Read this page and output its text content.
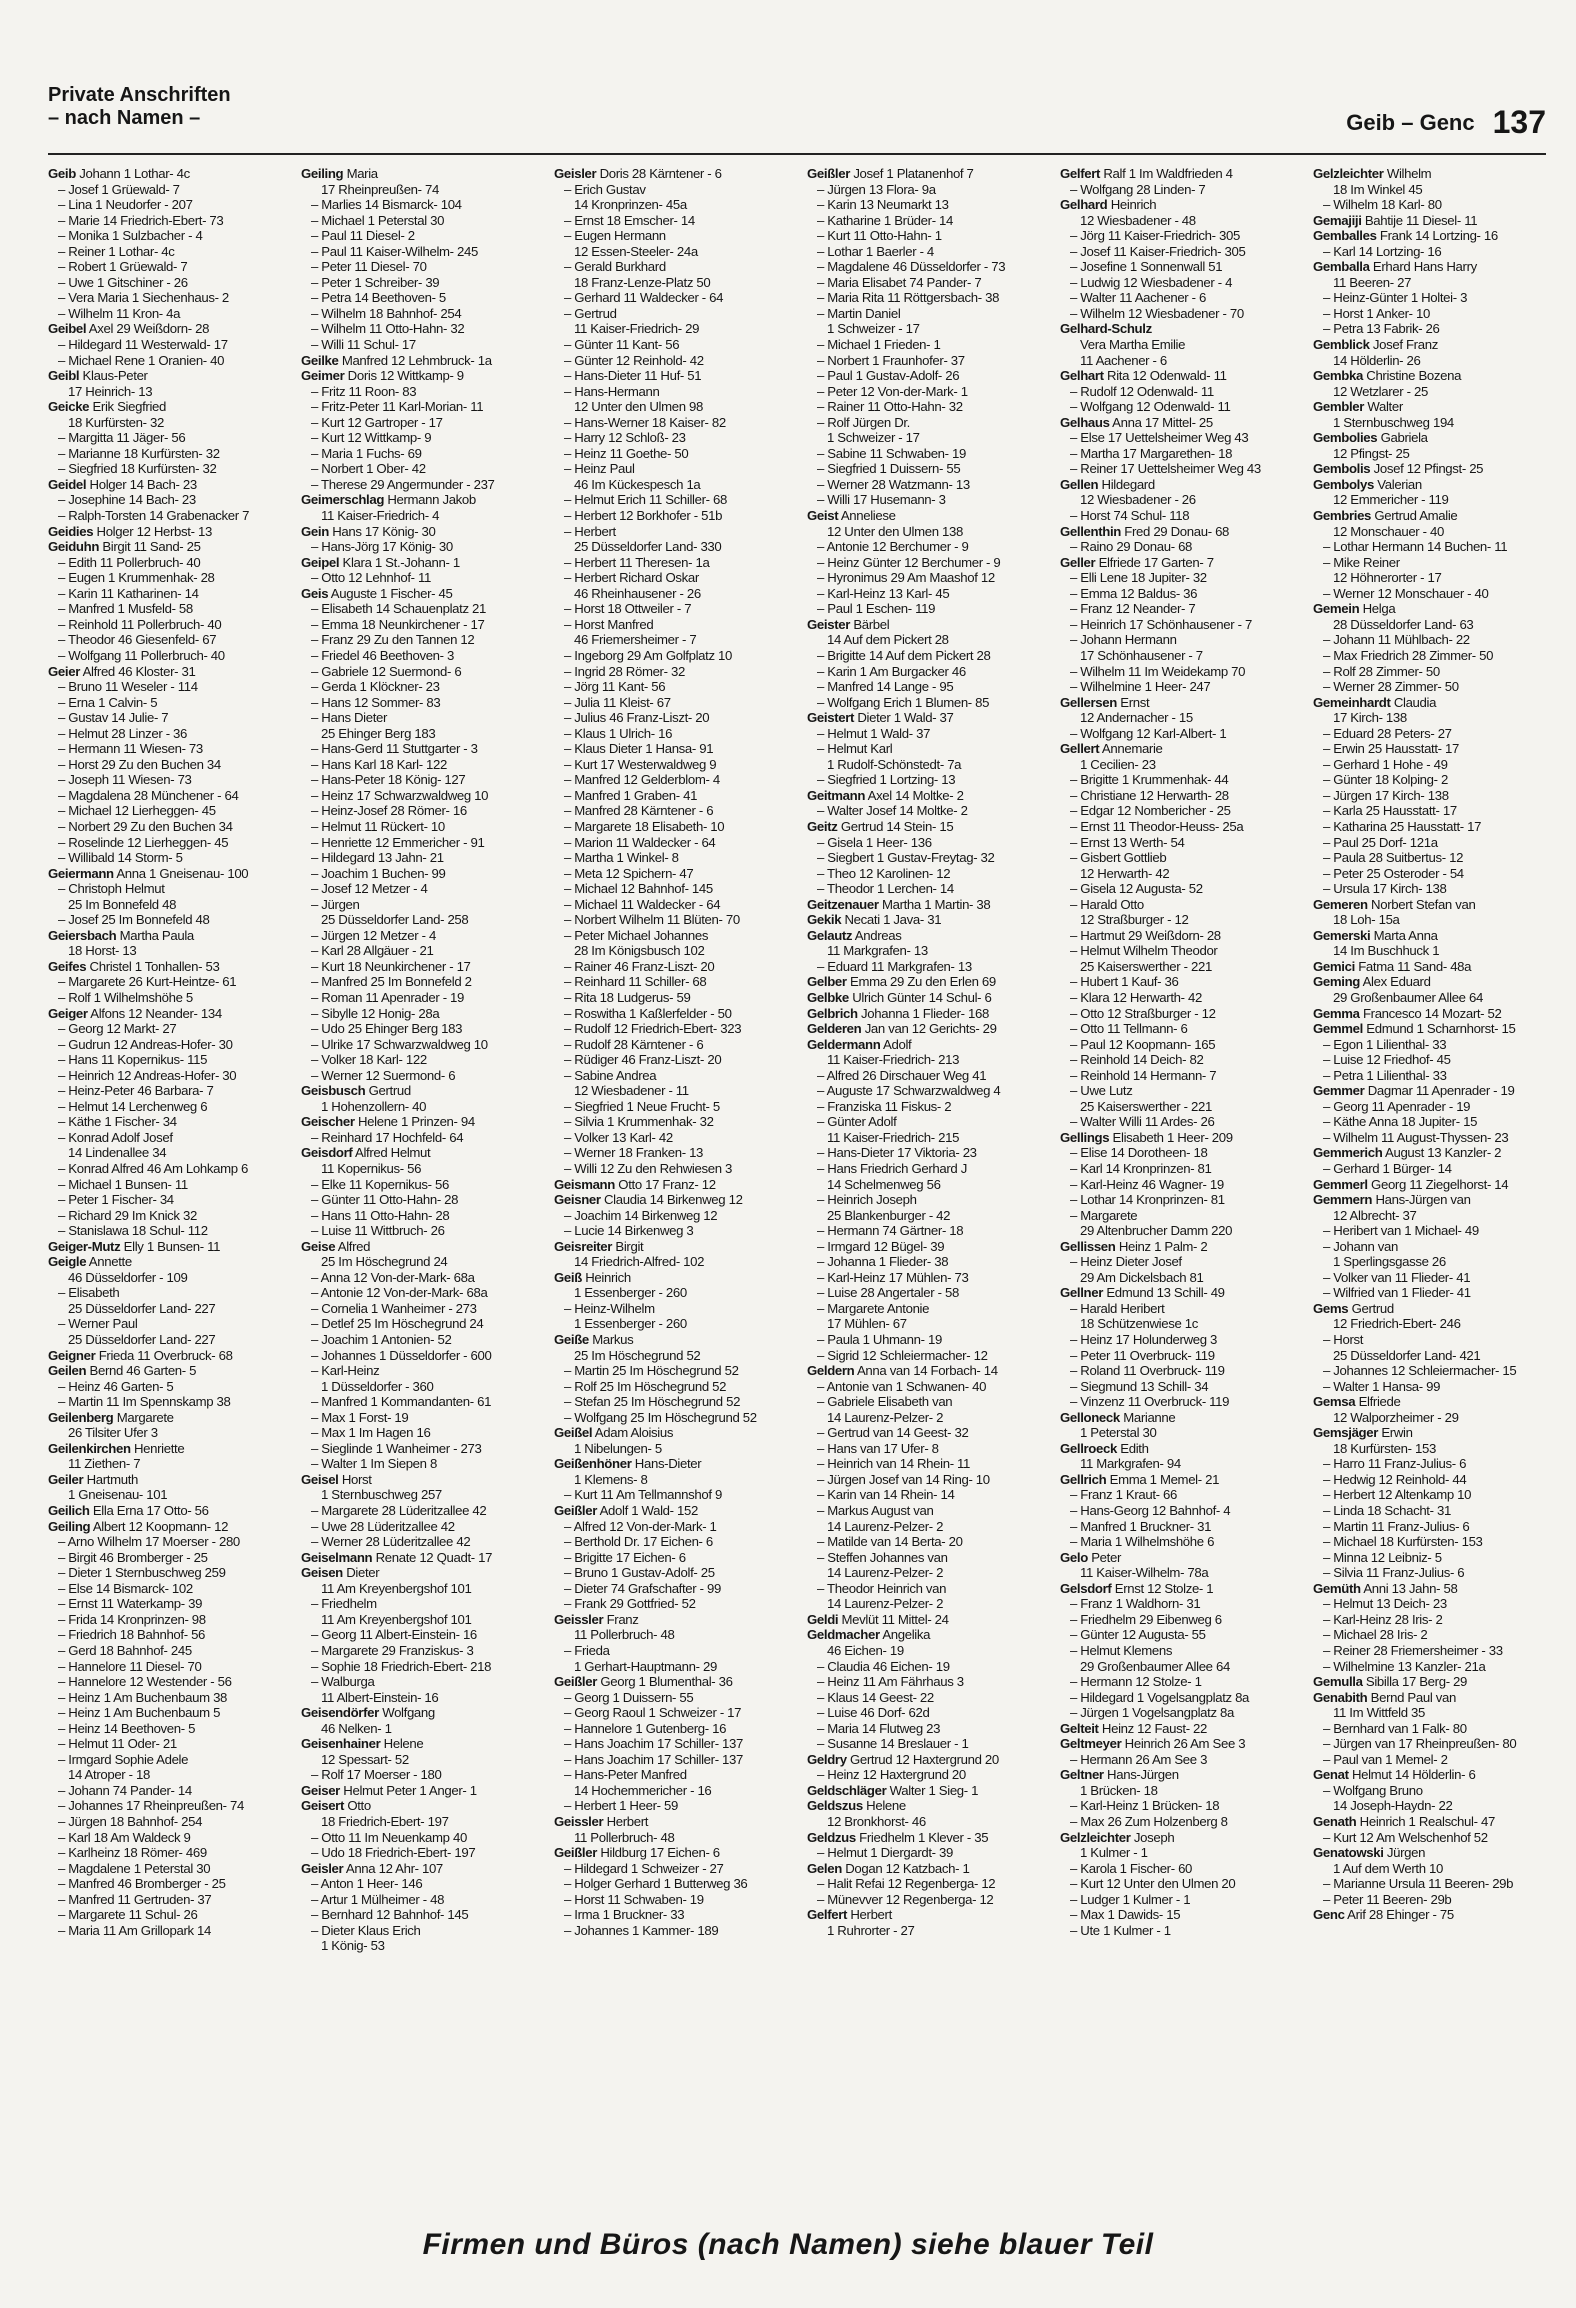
Private Anschriften
– nach Namen –	Geib – Genc 137
Geib Johann 1 Lothar- 4c
– Josef 1 Grüewald- 7
– Lina 1 Neudorfer - 207
– Marie 14 Friedrich-Ebert- 73
– Monika 1 Sulzbacher - 4
– Reiner 1 Lothar- 4c
– Robert 1 Grüewald- 7
– Uwe 1 Gitschiner - 26
– Vera Maria 1 Siechenhaus- 2
– Wilhelm 11 Kron- 4a
Geibel Axel 29 Weißdorn- 28
– Hildegard 11 Westerwald- 17
– Michael Rene 1 Oranien- 40
Geibl Klaus-Peter
17 Heinrich- 13
Geicke Erik Siegfried
18 Kurfürsten- 32
– Margitta 11 Jäger- 56
– Marianne 18 Kurfürsten- 32
– Siegfried 18 Kurfürsten- 32
Geidel Holger 14 Bach- 23
– Josephine 14 Bach- 23
– Ralph-Torsten 14 Grabenacker 7
Geidies Holger 12 Herbst- 13
Geiduhn Birgit 11 Sand- 25
– Edith 11 Pollerbruch- 40
– Eugen 1 Krummenhak- 28
– Karin 11 Katharinen- 14
– Manfred 1 Musfeld- 58
– Reinhold 11 Pollerbruch- 40
– Theodor 46 Giesenfeld- 67
– Wolfgang 11 Pollerbruch- 40
Geier Alfred 46 Kloster- 31
– Bruno 11 Weseler - 114
– Erna 1 Calvin- 5
– Gustav 14 Julie- 7
– Helmut 28 Linzer - 36
– Hermann 11 Wiesen- 73
– Horst 29 Zu den Buchen 34
– Joseph 11 Wiesen- 73
– Magdalena 28 Münchener - 64
– Michael 12 Lierheggen- 45
– Norbert 29 Zu den Buchen 34
– Roselinde 12 Lierheggen- 45
– Willibald 14 Storm- 5
Geiermann Anna 1 Gneisenau- 100
– Christoph Helmut
25 Im Bonnefeld 48
– Josef 25 Im Bonnefeld 48
Geiersbach Martha Paula
18 Horst- 13
Geifes Christel 1 Tonhallen- 53
– Margarete 26 Kurt-Heintze- 61
– Rolf 1 Wilhelmshöhe 5
Geiger Alfons 12 Neander- 134
– Georg 12 Markt- 27
– Gudrun 12 Andreas-Hofer- 30
– Hans 11 Kopernikus- 115
– Heinrich 12 Andreas-Hofer- 30
– Heinz-Peter 46 Barbara- 7
– Helmut 14 Lerchenweg 6
– Käthe 1 Fischer- 34
– Konrad Adolf Josef
14 Lindenallee 34
– Konrad Alfred 46 Am Lohkamp 6
– Michael 1 Bunsen- 11
– Peter 1 Fischer- 34
– Richard 29 Im Knick 32
– Stanislawa 18 Schul- 112
Geiger-Mutz Elly 1 Bunsen- 11
Geigle Annette
46 Düsseldorfer - 109
– Elisabeth
25 Düsseldorfer Land- 227
– Werner Paul
25 Düsseldorfer Land- 227
Geigner Frieda 11 Overbruck- 68
Geilen Bernd 46 Garten- 5
– Heinz 46 Garten- 5
– Martin 11 Im Spennskamp 38
Geilenberg Margarete
26 Tilsiter Ufer 3
Geilenkirchen Henriette
11 Ziethen- 7
Geiler Hartmuth
1 Gneisenau- 101
Geilich Ella Erna 17 Otto- 56
Geiling Albert 12 Koopmann- 12
– Arno Wilhelm 17 Moerser - 280
– Birgit 46 Bromberger - 25
– Dieter 1 Sternbuschweg 259
– Else 14 Bismarck- 102
– Ernst 11 Waterkamp- 39
– Frida 14 Kronprinzen- 98
– Friedrich 18 Bahnhof- 56
– Gerd 18 Bahnhof- 245
– Hannelore 11 Diesel- 70
– Hannelore 12 Westender - 56
– Heinz 1 Am Buchenbaum 38
– Heinz 1 Am Buchenbaum 5
– Heinz 14 Beethoven- 5
– Helmut 11 Oder- 21
– Irmgard Sophie Adele
14 Atroper - 18
– Johann 74 Pander- 14
– Johannes 17 Rheinpreußen- 74
– Jürgen 18 Bahnhof- 254
– Karl 18 Am Waldeck 9
– Karlheinz 18 Römer- 469
– Magdalene 1 Peterstal 30
– Manfred 46 Bromberger - 25
– Manfred 11 Gertruden- 37
– Margarete 11 Schul- 26
– Maria 11 Am Grillopark 14
Geiling Maria
17 Rheinpreußen- 74
– Marlies 14 Bismarck- 104
– Michael 1 Peterstal 30
– Paul 11 Diesel- 2
– Paul 11 Kaiser-Wilhelm- 245
– Peter 11 Diesel- 70
– Peter 1 Schreiber- 39
– Petra 14 Beethoven- 5
– Wilhelm 18 Bahnhof- 254
– Wilhelm 11 Otto-Hahn- 32
– Willi 11 Schul- 17
Geilke Manfred 12 Lehmbruck- 1a
Geimer Doris 12 Wittkamp- 9
– Fritz 11 Roon- 83
– Fritz-Peter 11 Karl-Morian- 11
– Kurt 12 Gartroper - 17
– Kurt 12 Wittkamp- 9
– Maria 1 Fuchs- 69
– Norbert 1 Ober- 42
– Therese 29 Angermunder - 237
Geimerschlag Hermann Jakob
11 Kaiser-Friedrich- 4
Gein Hans 17 König- 30
– Hans-Jörg 17 König- 30
Geipel Klara 1 St.-Johann- 1
– Otto 12 Lehnhof- 11
Geis Auguste 1 Fischer- 45
– Elisabeth 14 Schauenplatz 21
– Emma 18 Neunkirchener - 17
– Franz 29 Zu den Tannen 12
– Friedel 46 Beethoven- 3
– Gabriele 12 Suermond- 6
– Gerda 1 Klöckner- 23
– Hans 12 Sommer- 83
– Hans Dieter
25 Ehinger Berg 183
– Hans-Gerd 11 Stuttgarter - 3
– Hans Karl 18 Karl- 122
– Hans-Peter 18 König- 127
– Heinz 17 Schwarzwaldweg 10
– Heinz-Josef 28 Römer- 16
– Helmut 11 Rückert- 10
– Henriette 12 Emmericher - 91
– Hildegard 13 Jahn- 21
– Joachim 1 Buchen- 99
– Josef 12 Metzer - 4
– Jürgen
25 Düsseldorfer Land- 258
– Jürgen 12 Metzer - 4
– Karl 28 Allgäuer - 21
– Kurt 18 Neunkirchener - 17
– Manfred 25 Im Bonnefeld 2
– Roman 11 Apenrader - 19
– Sibylle 12 Honig- 28a
– Udo 25 Ehinger Berg 183
– Ulrike 17 Schwarzwaldweg 10
– Volker 18 Karl- 122
– Werner 12 Suermond- 6
Geisbusch Gertrud
1 Hohenzollern- 40
Geischer Helene 1 Prinzen- 94
– Reinhard 17 Hochfeld- 64
Geisdorf Alfred Helmut
11 Kopernikus- 56
– Elke 11 Kopernikus- 56
– Günter 11 Otto-Hahn- 28
– Hans 11 Otto-Hahn- 28
– Luise 11 Wittbruch- 26
Geise Alfred
25 Im Höschegrund 24
– Anna 12 Von-der-Mark- 68a
– Antonie 12 Von-der-Mark- 68a
– Cornelia 1 Wanheimer - 273
– Detlef 25 Im Höschegrund 24
– Joachim 1 Antonien- 52
– Johannes 1 Düsseldorfer - 600
– Karl-Heinz
1 Düsseldorfer - 360
– Manfred 1 Kommandanten- 61
– Max 1 Forst- 19
– Max 1 Im Hagen 16
– Sieglinde 1 Wanheimer - 273
– Walter 1 Im Siepen 8
Geisel Horst
1 Sternbuschweg 257
– Margarete 28 Lüderitzallee 42
– Uwe 28 Lüderitzallee 42
– Werner 28 Lüderitzallee 42
Geiselmann Renate 12 Quadt- 17
Geisen Dieter
11 Am Kreyenbergshof 101
– Friedhelm
11 Am Kreyenbergshof 101
– Georg 11 Albert-Einstein- 16
– Margarete 29 Franziskus- 3
– Sophie 18 Friedrich-Ebert- 218
– Walburga
11 Albert-Einstein- 16
Geisendörfer Wolfgang
46 Nelken- 1
Geisenhainer Helene
12 Spessart- 52
– Rolf 17 Moerser - 180
Geiser Helmut Peter 1 Anger- 1
Geisert Otto
18 Friedrich-Ebert- 197
– Otto 11 Im Neuenkamp 40
– Udo 18 Friedrich-Ebert- 197
Geisler Anna 12 Ahr- 107
– Anton 1 Heer- 146
– Artur 1 Mülheimer - 48
– Bernhard 12 Bahnhof- 145
– Dieter Klaus Erich
1 König- 53
Geisler Doris 28 Kärntener - 6
– Erich Gustav
14 Kronprinzen- 45a
– Ernst 18 Emscher- 14
– Eugen Hermann
12 Essen-Steeler- 24a
– Gerald Burkhard
18 Franz-Lenze-Platz 50
– Gerhard 11 Waldecker - 64
– Gertrud
11 Kaiser-Friedrich- 29
– Günter 11 Kant- 56
– Günter 12 Reinhold- 42
– Hans-Dieter 11 Huf- 51
– Hans-Hermann
12 Unter den Ulmen 98
– Hans-Werner 18 Kaiser- 82
– Harry 12 Schloß- 23
– Heinz 11 Goethe- 50
– Heinz Paul
46 Im Kückespesch 1a
– Helmut Erich 11 Schiller- 68
– Herbert 12 Borkhofer - 51b
– Herbert
25 Düsseldorfer Land- 330
– Herbert 11 Theresen- 1a
– Herbert Richard Oskar
46 Rheinhausener - 26
– Horst 18 Ottweiler - 7
– Horst Manfred
46 Friemersheimer - 7
– Ingeborg 29 Am Golfplatz 10
– Ingrid 28 Römer- 32
– Jörg 11 Kant- 56
– Julia 11 Kleist- 67
– Julius 46 Franz-Liszt- 20
– Klaus 1 Ulrich- 16
– Klaus Dieter 1 Hansa- 91
– Kurt 17 Westerwaldweg 9
– Manfred 12 Gelderblom- 4
– Manfred 1 Graben- 41
– Manfred 28 Kärntener - 6
– Margarete 18 Elisabeth- 10
– Marion 11 Waldecker - 64
– Martha 1 Winkel- 8
– Meta 12 Spichern- 47
– Michael 12 Bahnhof- 145
– Michael 11 Waldecker - 64
– Norbert Wilhelm 11 Blüten- 70
– Peter Michael Johannes
28 Im Königsbusch 102
– Rainer 46 Franz-Liszt- 20
– Reinhard 11 Schiller- 68
– Rita 18 Ludgerus- 59
– Roswitha 1 Kaßlerfelder - 50
– Rudolf 12 Friedrich-Ebert- 323
– Rudolf 28 Kärntener - 6
– Rüdiger 46 Franz-Liszt- 20
– Sabine Andrea
12 Wiesbadener - 11
– Siegfried 1 Neue Frucht- 5
– Silvia 1 Krummenhak- 32
– Volker 13 Karl- 42
– Werner 18 Franken- 13
– Willi 12 Zu den Rehwiesen 3
Geismann Otto 17 Franz- 12
Geisner Claudia 14 Birkenweg 12
– Joachim 14 Birkenweg 12
– Lucie 14 Birkenweg 3
Geisreiter Birgit
14 Friedrich-Alfred- 102
Geiß Heinrich
1 Essenberger - 260
– Heinz-Wilhelm
1 Essenberger - 260
Geiße Markus
25 Im Höschegrund 52
– Martin 25 Im Höschegrund 52
– Rolf 25 Im Höschegrund 52
– Stefan 25 Im Höschegrund 52
– Wolfgang 25 Im Höschegrund 52
Geißel Adam Aloisius
1 Nibelungen- 5
Geißenhöner Hans-Dieter
1 Klemens- 8
– Kurt 11 Am Tellmannshof 9
Geißler Adolf 1 Wald- 152
– Alfred 12 Von-der-Mark- 1
– Berthold Dr. 17 Eichen- 6
– Brigitte 17 Eichen- 6
– Bruno 1 Gustav-Adolf- 25
– Dieter 74 Grafschafter - 99
– Frank 29 Gottfried- 52
Geissler Franz
11 Pollerbruch- 48
– Frieda
1 Gerhart-Hauptmann- 29
Geißler Georg 1 Blumenthal- 36
– Georg 1 Duissern- 55
– Georg Raoul 1 Schweizer - 17
– Hannelore 1 Gutenberg- 16
– Hans Joachim 17 Schiller- 137
– Hans Joachim 17 Schiller- 137
– Hans-Peter Manfred
14 Hochemmericher - 16
– Herbert 1 Heer- 59
Geissler Herbert
11 Pollerbruch- 48
Geißler Hildburg 17 Eichen- 6
– Hildegard 1 Schweizer - 27
– Holger Gerhard 1 Butterweg 36
– Horst 11 Schwaben- 19
– Irma 1 Bruckner- 33
– Johannes 1 Kammer- 189
Geißler Josef 1 Platanenhof 7
– Jürgen 13 Flora- 9a
– Karin 13 Neumarkt 13
– Katharine 1 Brüder- 14
– Kurt 11 Otto-Hahn- 1
– Lothar 1 Baerler - 4
– Magdalene 46 Düsseldorfer - 73
– Maria Elisabet 74 Pander- 7
– Maria Rita 11 Röttgersbach- 38
– Martin Daniel
1 Schweizer - 17
– Michael 1 Frieden- 1
– Norbert 1 Fraunhofer- 37
– Paul 1 Gustav-Adolf- 26
– Peter 12 Von-der-Mark- 1
– Rainer 11 Otto-Hahn- 32
– Rolf Jürgen Dr.
1 Schweizer - 17
– Sabine 11 Schwaben- 19
– Siegfried 1 Duissern- 55
– Werner 28 Watzmann- 13
– Willi 17 Husemann- 3
Geist Anneliese
12 Unter den Ulmen 138
– Antonie 12 Berchumer - 9
– Heinz Günter 12 Berchumer - 9
– Hyronimus 29 Am Maashof 12
– Karl-Heinz 13 Karl- 45
– Paul 1 Eschen- 119
Geister Bärbel
14 Auf dem Pickert 28
– Brigitte 14 Auf dem Pickert 28
– Karin 1 Am Burgacker 46
– Manfred 14 Lange - 95
– Wolfgang Erich 1 Blumen- 85
Geistert Dieter 1 Wald- 37
– Helmut 1 Wald- 37
– Helmut Karl
1 Rudolf-Schönstedt- 7a
– Siegfried 1 Lortzing- 13
Geitmann Axel 14 Moltke- 2
– Walter Josef 14 Moltke- 2
Geitz Gertrud 14 Stein- 15
– Gisela 1 Heer- 136
– Siegbert 1 Gustav-Freytag- 32
– Theo 12 Karolinen- 12
– Theodor 1 Lerchen- 14
Geitzenauer Martha 1 Martin- 38
Gekik Necati 1 Java- 31
Gelautz Andreas
11 Markgrafen- 13
– Eduard 11 Markgrafen- 13
Gelber Emma 29 Zu den Erlen 69
Gelbke Ulrich Günter 14 Schul- 6
Gelbrich Johanna 1 Flieder- 168
Gelderen Jan van 12 Gerichts- 29
Geldermann Adolf
11 Kaiser-Friedrich- 213
– Alfred 26 Dirschauer Weg 41
– Auguste 17 Schwarzwaldweg 4
– Franziska 11 Fiskus- 2
– Günter Adolf
11 Kaiser-Friedrich- 215
– Hans-Dieter 17 Viktoria- 23
– Hans Friedrich Gerhard J
14 Schelmenweg 56
– Heinrich Joseph
25 Blankenburger - 42
– Hermann 74 Gärtner- 18
– Irmgard 12 Bügel- 39
– Johanna 1 Flieder- 38
– Karl-Heinz 17 Mühlen- 73
– Luise 28 Angertaler - 58
– Margarete Antonie
17 Mühlen- 67
– Paula 1 Uhmann- 19
– Sigrid 12 Schleiermacher- 12
Geldern Anna van 14 Forbach- 14
– Antonie van 1 Schwanen- 40
– Gabriele Elisabeth van
14 Laurenz-Pelzer- 2
– Gertrud van 14 Geest- 32
– Hans van 17 Ufer- 8
– Heinrich van 14 Rhein- 11
– Jürgen Josef van 14 Ring- 10
– Karin van 14 Rhein- 14
– Markus August van
14 Laurenz-Pelzer- 2
– Matilde van 14 Berta- 20
– Steffen Johannes van
14 Laurenz-Pelzer- 2
– Theodor Heinrich van
14 Laurenz-Pelzer- 2
Geldi Mevlüt 11 Mittel- 24
Geldmacher Angelika
46 Eichen- 19
– Claudia 46 Eichen- 19
– Heinz 11 Am Fährhaus 3
– Klaus 14 Geest- 22
– Luise 46 Dorf- 62d
– Maria 14 Flutweg 23
– Susanne 14 Breslauer - 1
Geldry Gertrud 12 Haxtergrund 20
– Heinz 12 Haxtergrund 20
Geldschläger Walter 1 Sieg- 1
Geldszus Helene
12 Bronkhorst- 46
Geldzus Friedhelm 1 Klever - 35
– Helmut 1 Diergardt- 39
Gelen Dogan 12 Katzbach- 1
– Halit Refai 12 Regenberga- 12
– Münevver 12 Regenberga- 12
Gelfert Herbert
1 Ruhrorter - 27
Gelfert Ralf 1 Im Waldfrieden 4
– Wolfgang 28 Linden- 7
Gelhard Heinrich
12 Wiesbadener - 48
– Jörg 11 Kaiser-Friedrich- 305
– Josef 11 Kaiser-Friedrich- 305
– Josefine 1 Sonnenwall 51
– Ludwig 12 Wiesbadener - 4
– Walter 11 Aachener - 6
– Wilhelm 12 Wiesbadener - 70
Gelhard-Schulz
Vera Martha Emilie
11 Aachener - 6
Gelhart Rita 12 Odenwald- 11
– Rudolf 12 Odenwald- 11
– Wolfgang 12 Odenwald- 11
Gelhaus Anna 17 Mittel- 25
– Else 17 Uettelsheimer Weg 43
– Martha 17 Margarethen- 18
– Reiner 17 Uettelsheimer Weg 43
Gellen Hildegard
12 Wiesbadener - 26
– Horst 74 Schul- 118
Gellenthin Fred 29 Donau- 68
– Raino 29 Donau- 68
Geller Elfriede 17 Garten- 7
– Elli Lene 18 Jupiter- 32
– Emma 12 Baldus- 36
– Franz 12 Neander- 7
– Heinrich 17 Schönhausener - 7
– Johann Hermann
17 Schönhausener - 7
– Wilhelm 11 Im Weidekamp 70
– Wilhelmine 1 Heer- 247
Gellersen Ernst
12 Andernacher - 15
– Wolfgang 12 Karl-Albert- 1
Gellert Annemarie
1 Cecilien- 23
– Brigitte 1 Krummenhak- 44
– Christiane 12 Herwarth- 28
– Edgar 12 Nombericher - 25
– Ernst 11 Theodor-Heuss- 25a
– Ernst 13 Werth- 54
– Gisbert Gottlieb
12 Herwarth- 42
– Gisela 12 Augusta- 52
– Harald Otto
12 Straßburger - 12
– Hartmut 29 Weißdorn- 28
– Helmut Wilhelm Theodor
25 Kaiserswerther - 221
– Hubert 1 Kauf- 36
– Klara 12 Herwarth- 42
– Otto 12 Straßburger - 12
– Otto 11 Tellmann- 6
– Paul 12 Koopmann- 165
– Reinhold 14 Deich- 82
– Reinhold 14 Hermann- 7
– Uwe Lutz
25 Kaiserswerther - 221
– Walter Willi 11 Ardes- 26
Gellings Elisabeth 1 Heer- 209
– Elise 14 Dorotheen- 18
– Karl 14 Kronprinzen- 81
– Karl-Heinz 46 Wagner- 19
– Lothar 14 Kronprinzen- 81
– Margarete
29 Altenbrucher Damm 220
Gellissen Heinz 1 Palm- 2
– Heinz Dieter Josef
29 Am Dickelsbach 81
Gellner Edmund 13 Schill- 49
– Harald Heribert
18 Schützenwiese 1c
– Heinz 17 Holunderweg 3
– Peter 11 Overbruck- 119
– Roland 11 Overbruck- 119
– Siegmund 13 Schill- 34
– Vinzenz 11 Overbruck- 119
Gelloneck Marianne
1 Peterstal 30
Gellroeck Edith
11 Markgrafen- 94
Gellrich Emma 1 Memel- 21
– Franz 1 Kraut- 66
– Hans-Georg 12 Bahnhof- 4
– Manfred 1 Bruckner- 31
– Maria 1 Wilhelmshöhe 6
Gelo Peter
11 Kaiser-Wilhelm- 78a
Gelsdorf Ernst 12 Stolze- 1
– Franz 1 Waldhorn- 31
– Friedhelm 29 Eibenweg 6
– Günter 12 Augusta- 55
– Helmut Klemens
29 Großenbaumer Allee 64
– Hermann 12 Stolze- 1
– Hildegard 1 Vogelsangplatz 8a
– Jürgen 1 Vogelsangplatz 8a
Gelteit Heinz 12 Faust- 22
Geltmeyer Heinrich 26 Am See 3
– Hermann 26 Am See 3
Geltner Hans-Jürgen
1 Brücken- 18
– Karl-Heinz 1 Brücken- 18
– Max 26 Zum Holzenberg 8
Gelzleichter Joseph
1 Kulmer - 1
– Karola 1 Fischer- 60
– Kurt 12 Unter den Ulmen 20
– Ludger 1 Kulmer - 1
– Max 1 Dawids- 15
– Ute 1 Kulmer - 1
Gelzleichter Wilhelm
18 Im Winkel 45
– Wilhelm 18 Karl- 80
Gemajiji Bahtije 11 Diesel- 11
Gemballes Frank 14 Lortzing- 16
– Karl 14 Lortzing- 16
Gemballa Erhard Hans Harry
11 Beeren- 27
– Heinz-Günter 1 Holtei- 3
– Horst 1 Anker- 10
– Petra 13 Fabrik- 26
Gemblick Josef Franz
14 Hölderlin- 26
Gembka Christine Bozena
12 Wetzlarer - 25
Gembler Walter
1 Sternbuschweg 194
Gembolies Gabriela
12 Pfingst- 25
Gembolis Josef 12 Pfingst- 25
Gembolys Valerian
12 Emmericher - 119
Gembries Gertrud Amalie
12 Monschauer - 40
– Lothar Hermann 14 Buchen- 11
– Mike Reiner
12 Höhnerorter - 17
– Werner 12 Monschauer - 40
Gemein Helga
28 Düsseldorfer Land- 63
– Johann 11 Mühlbach- 22
– Max Friedrich 28 Zimmer- 50
– Rolf 28 Zimmer- 50
– Werner 28 Zimmer- 50
Gemeinhardt Claudia
17 Kirch- 138
– Eduard 28 Peters- 27
– Erwin 25 Hausstatt- 17
– Gerhard 1 Hohe - 49
– Günter 18 Kolping- 2
– Jürgen 17 Kirch- 138
– Karla 25 Hausstatt- 17
– Katharina 25 Hausstatt- 17
– Paul 25 Dorf- 121a
– Paula 28 Suitbertus- 12
– Peter 25 Osteroder - 54
– Ursula 17 Kirch- 138
Gemeren Norbert Stefan van
18 Loh- 15a
Gemerski Marta Anna
14 Im Buschhuck 1
Gemici Fatma 11 Sand- 48a
Geming Alex Eduard
29 Großenbaumer Allee 64
Gemma Francesco 14 Mozart- 52
Gemmel Edmund 1 Scharnhorst- 15
– Egon 1 Lilienthal- 33
– Luise 12 Friedhof- 45
– Petra 1 Lilienthal- 33
Gemmer Dagmar 11 Apenrader - 19
– Georg 11 Apenrader - 19
– Käthe Anna 18 Jupiter- 15
– Wilhelm 11 August-Thyssen- 23
Gemmerich August 13 Kanzler- 2
– Gerhard 1 Bürger- 14
Gemmerl Georg 11 Ziegelhorst- 14
Gemmern Hans-Jürgen van
12 Albrecht- 37
– Heribert van 1 Michael- 49
– Johann van
1 Sperlingsgasse 26
– Volker van 11 Flieder- 41
– Wilfried van 1 Flieder- 41
Gems Gertrud
12 Friedrich-Ebert- 246
– Horst
25 Düsseldorfer Land- 421
– Johannes 12 Schleiermacher- 15
– Walter 1 Hansa- 99
Gemsa Elfriede
12 Walporzheimer - 29
Gemsjäger Erwin
18 Kurfürsten- 153
– Harro 11 Franz-Julius- 6
– Hedwig 12 Reinhold- 44
– Herbert 12 Altenkamp 10
– Linda 18 Schacht- 31
– Martin 11 Franz-Julius- 6
– Michael 18 Kurfürsten- 153
– Minna 12 Leibniz- 5
– Silvia 11 Franz-Julius- 6
Gemüth Anni 13 Jahn- 58
– Helmut 13 Deich- 23
– Karl-Heinz 28 Iris- 2
– Michael 28 Iris- 2
– Reiner 28 Friemersheimer - 33
– Wilhelmine 13 Kanzler- 21a
Gemulla Sibilla 17 Berg- 29
Genabith Bernd Paul van
11 Im Wittfeld 35
– Bernhard van 1 Falk- 80
– Jürgen van 17 Rheinpreußen- 80
– Paul van 1 Memel- 2
Genat Helmut 14 Hölderlin- 6
– Wolfgang Bruno
14 Joseph-Haydn- 22
Genath Heinrich 1 Realschul- 47
– Kurt 12 Am Welschenhof 52
Genatowski Jürgen
1 Auf dem Werth 10
– Marianne Ursula 11 Beeren- 29b
– Peter 11 Beeren- 29b
Genc Arif 28 Ehinger - 75
Firmen und Büros (nach Namen) siehe blauer Teil
